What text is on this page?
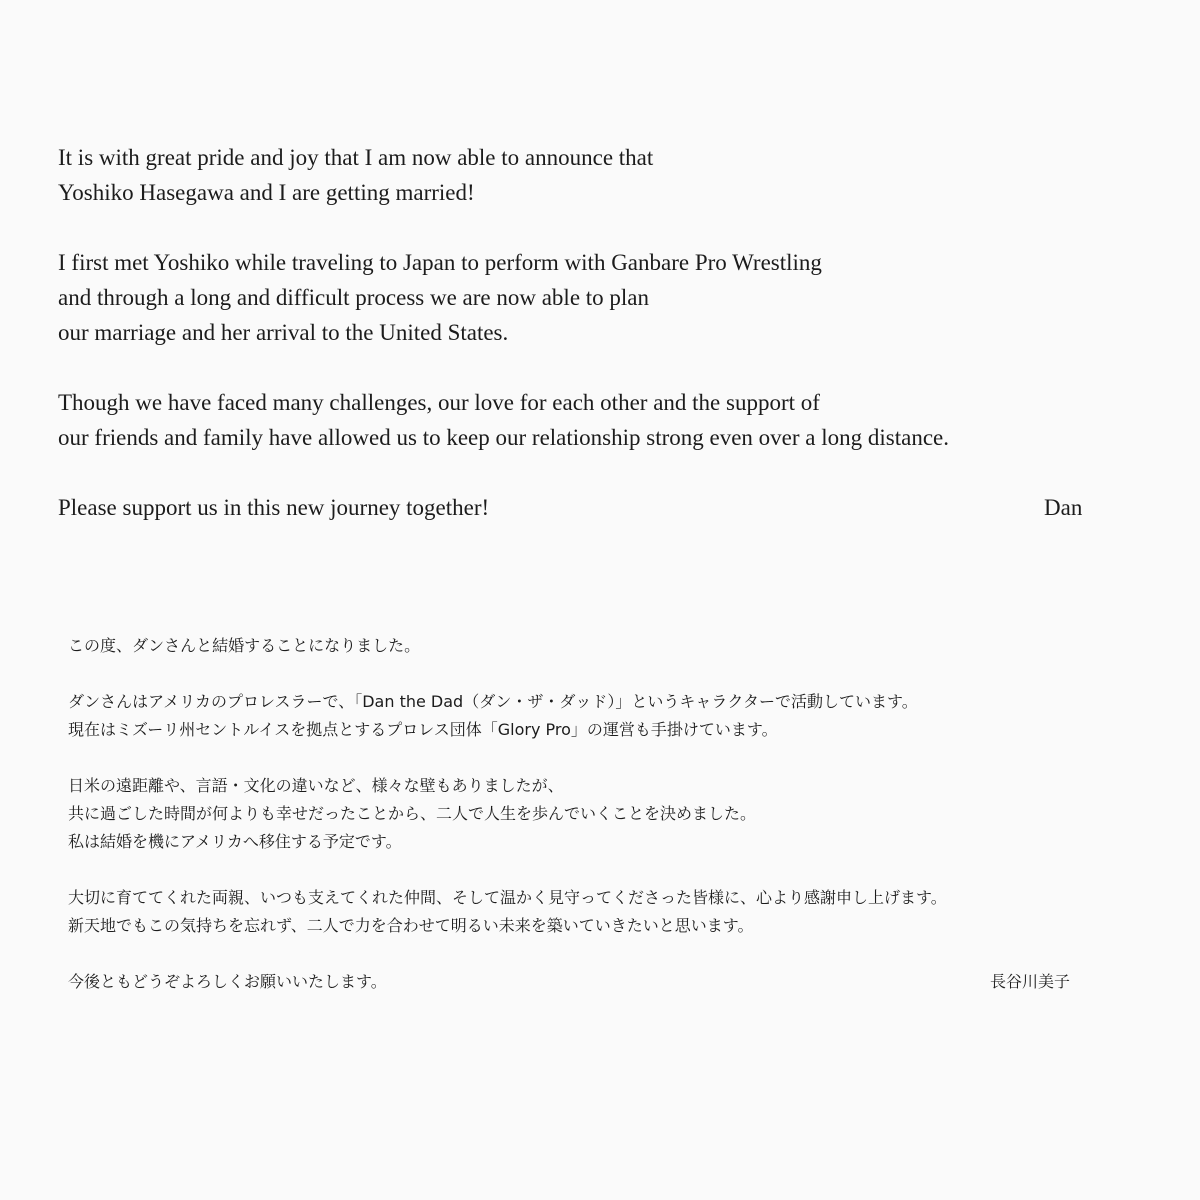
It is with great pride and joy that I am now able to announce that
Yoshiko Hasegawa and I are getting married!
I first met Yoshiko while traveling to Japan to perform with Ganbare Pro Wrestling
and through a long and difficult process we are now able to plan
our marriage and her arrival to the United States.
Though we have faced many challenges, our love for each other and the support of
our friends and family have allowed us to keep our relationship strong even over a long distance.
Please support us in this new journey together!	Dan
この度、ダンさんと結婚することになりました。
ダンさんはアメリカのプロレスラーで、「Dan the Dad（ダン・ザ・ダッド）」というキャラクターで活動しています。
現在はミズーリ州セントルイスを拠点とするプロレス団体「Glory Pro」の運営も手掛けています。
日米の遠距離や、言語・文化の違いなど、様々な壁もありましたが、
共に過ごした時間が何よりも幸せだったことから、二人で人生を歩んでいくことを決めました。
私は結婚を機にアメリカへ移住する予定です。
大切に育ててくれた両親、いつも支えてくれた仲間、そして温かく見守ってくださった皆様に、心より感謝申し上げます。
新天地でもこの気持ちを忘れず、二人で力を合わせて明るい未来を築いていきたいと思います。
今後ともどうぞよろしくお願いいたします。	長谷川美子
